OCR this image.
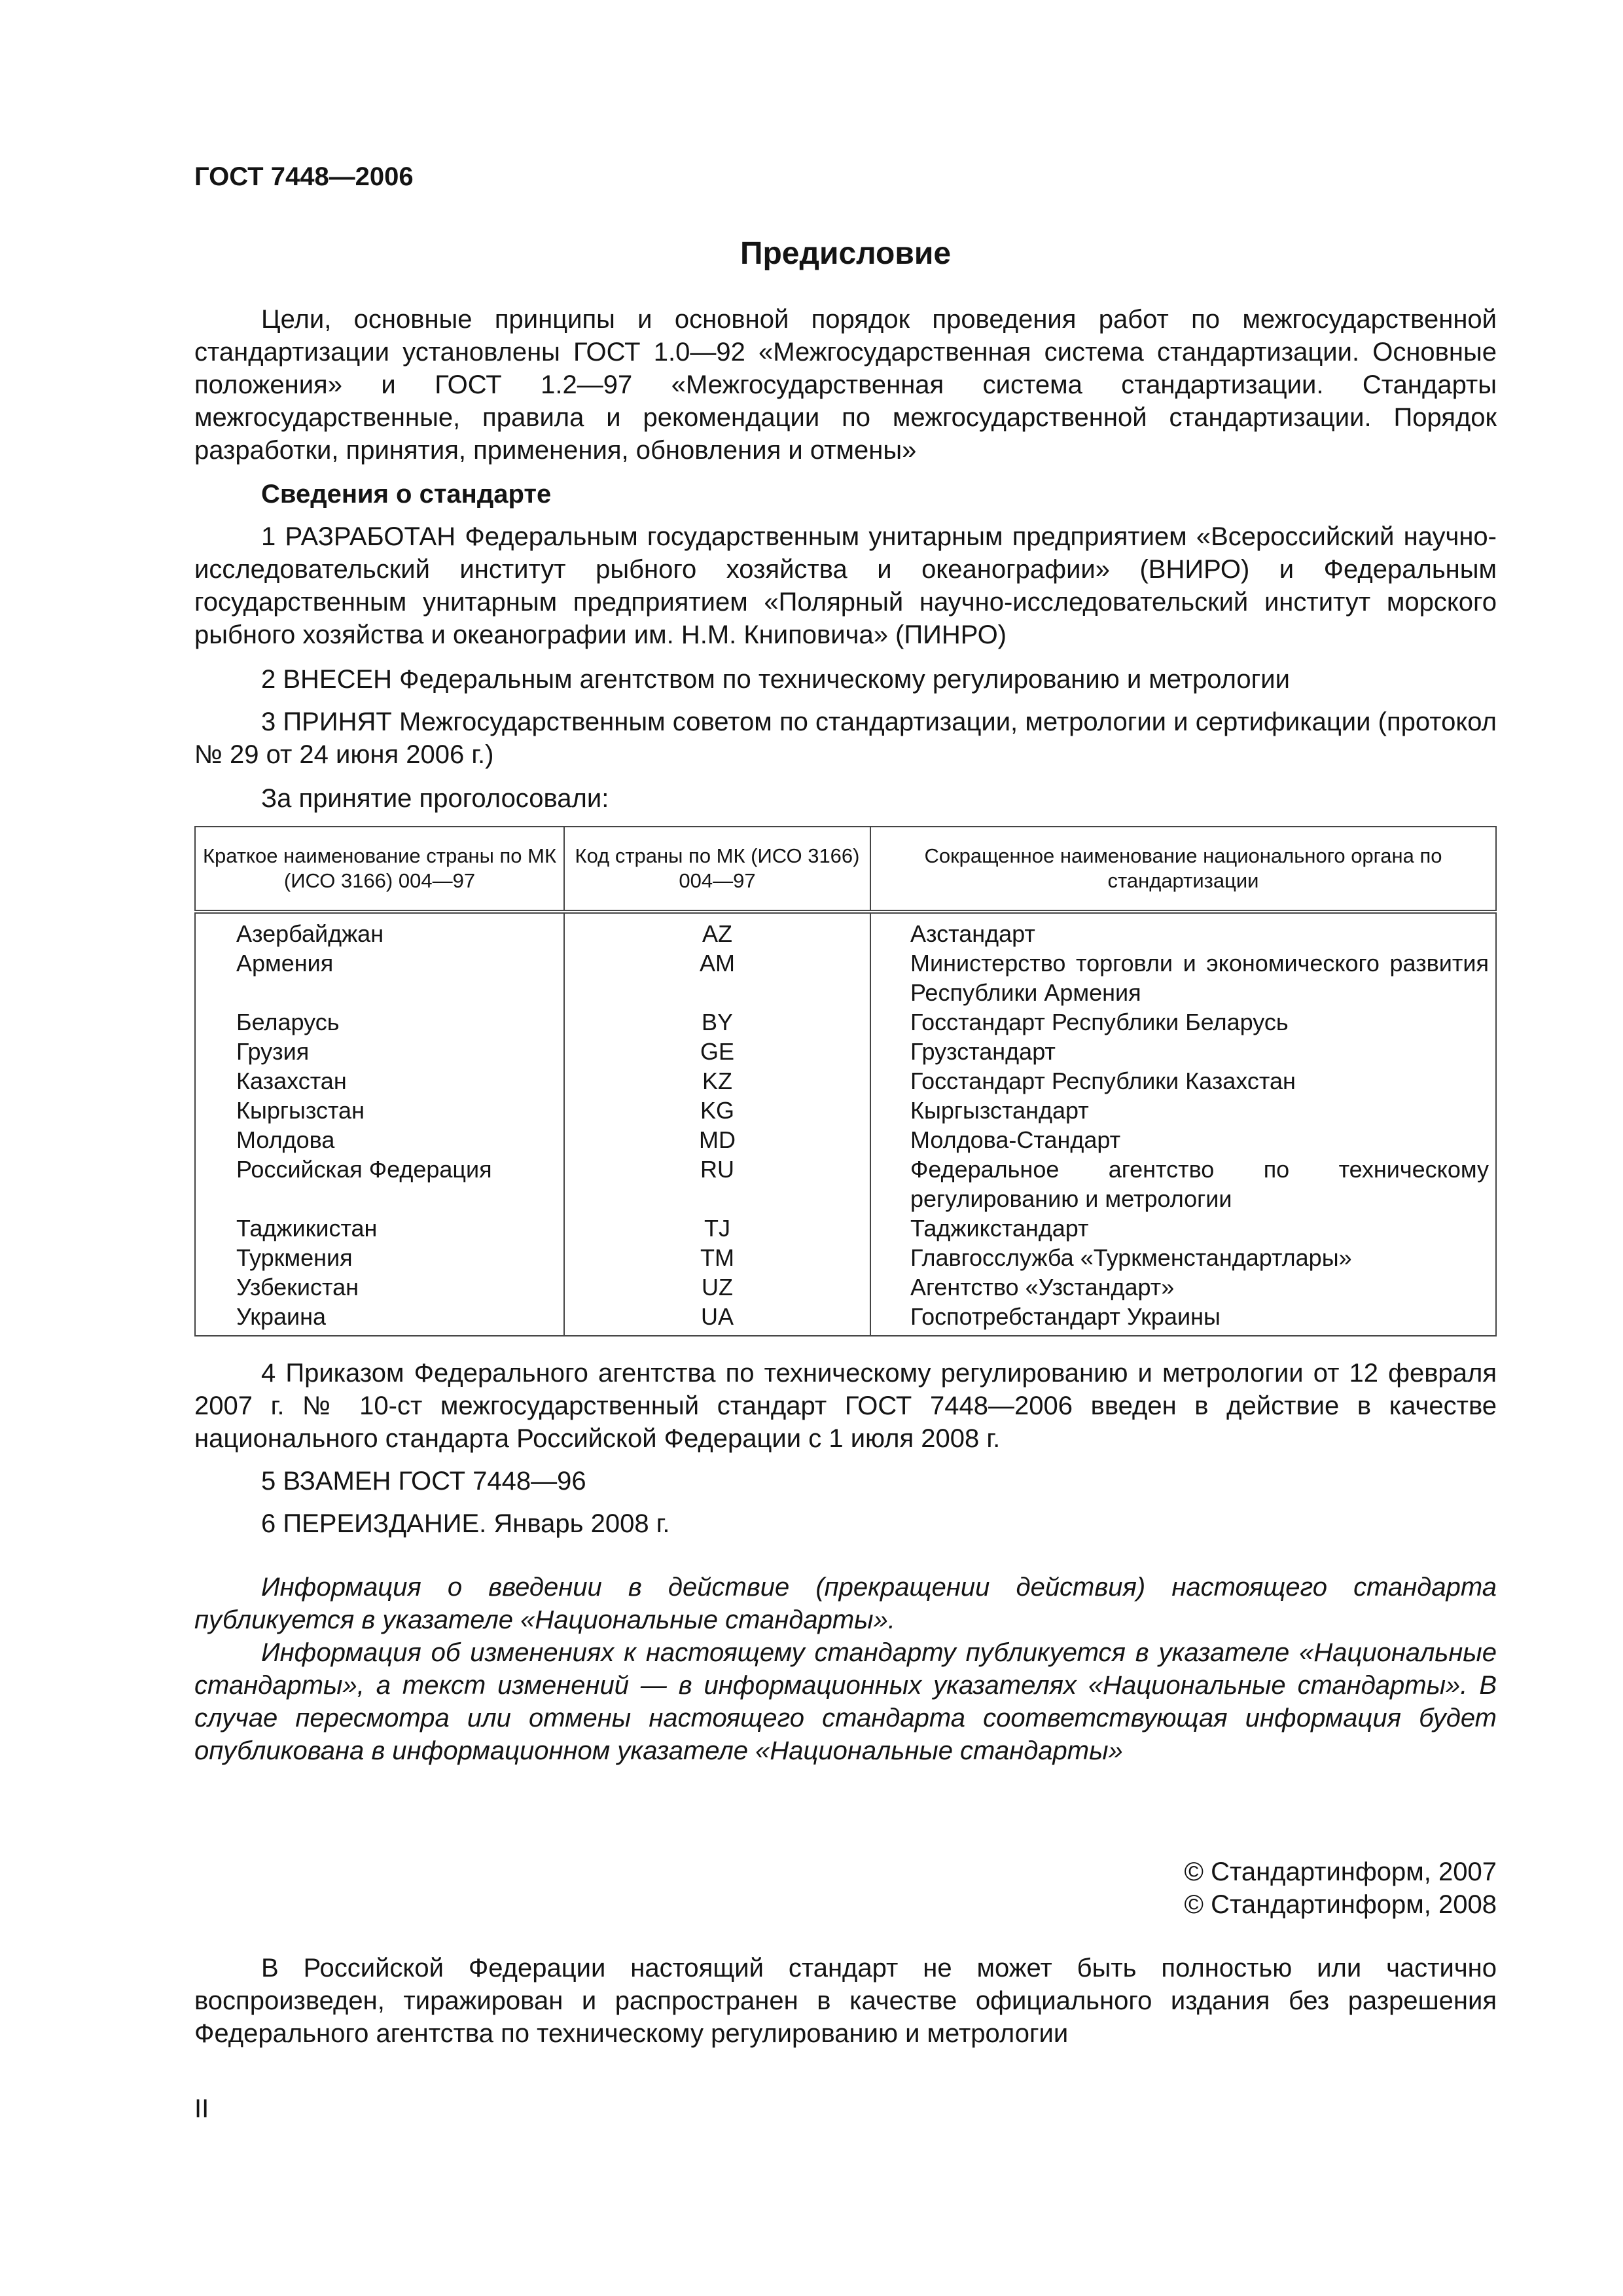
ГОСТ 7448—2006

Предисловие

Цели, основные принципы и основной порядок проведения работ по межгосударственной стандартизации установлены ГОСТ 1.0—92 «Межгосударственная система стандартизации. Основные положения» и ГОСТ 1.2—97 «Межгосударственная система стандартизации. Стандарты межгосударственные, правила и рекомендации по межгосударственной стандартизации. Порядок разработки, принятия, применения, обновления и отмены»

Сведения о стандарте

1 РАЗРАБОТАН Федеральным государственным унитарным предприятием «Всероссийский научно-исследовательский институт рыбного хозяйства и океанографии» (ВНИРО) и Федеральным государственным унитарным предприятием «Полярный научно-исследовательский институт морского рыбного хозяйства и океанографии им. Н.М. Книповича» (ПИНРО)

2 ВНЕСЕН Федеральным агентством по техническому регулированию и метрологии

3 ПРИНЯТ Межгосударственным советом по стандартизации, метрологии и сертификации (протокол № 29 от 24 июня 2006 г.)

За принятие проголосовали:

Краткое наименование страны по МК (ИСО 3166) 004—97	Код страны по МК (ИСО 3166) 004—97	Сокращенное наименование национального органа по стандартизации
Азербайджан	AZ	Азстандарт
Армения	AM	Министерство торговли и экономического развития Республики Армения
Беларусь	BY	Госстандарт Республики Беларусь
Грузия	GE	Грузстандарт
Казахстан	KZ	Госстандарт Республики Казахстан
Кыргызстан	KG	Кыргызстандарт
Молдова	MD	Молдова-Стандарт
Российская Федерация	RU	Федеральное агентство по техническому регулированию и метрологии
Таджикистан	TJ	Таджикстандарт
Туркмения	TM	Главгосслужба «Туркменстандартлары»
Узбекистан	UZ	Агентство «Узстандарт»
Украина	UA	Госпотребстандарт Украины

4 Приказом Федерального агентства по техническому регулированию и метрологии от 12 февраля 2007 г. № 10-ст межгосударственный стандарт ГОСТ 7448—2006 введен в действие в качестве национального стандарта Российской Федерации с 1 июля 2008 г.

5 ВЗАМЕН ГОСТ 7448—96

6 ПЕРЕИЗДАНИЕ. Январь 2008 г.

Информация о введении в действие (прекращении действия) настоящего стандарта публикуется в указателе «Национальные стандарты».

Информация об изменениях к настоящему стандарту публикуется в указателе «Национальные стандарты», а текст изменений — в информационных указателях «Национальные стандарты». В случае пересмотра или отмены настоящего стандарта соответствующая информация будет опубликована в информационном указателе «Национальные стандарты»

© Стандартинформ, 2007
© Стандартинформ, 2008

В Российской Федерации настоящий стандарт не может быть полностью или частично воспроизведен, тиражирован и распространен в качестве официального издания без разрешения Федерального агентства по техническому регулированию и метрологии

II
